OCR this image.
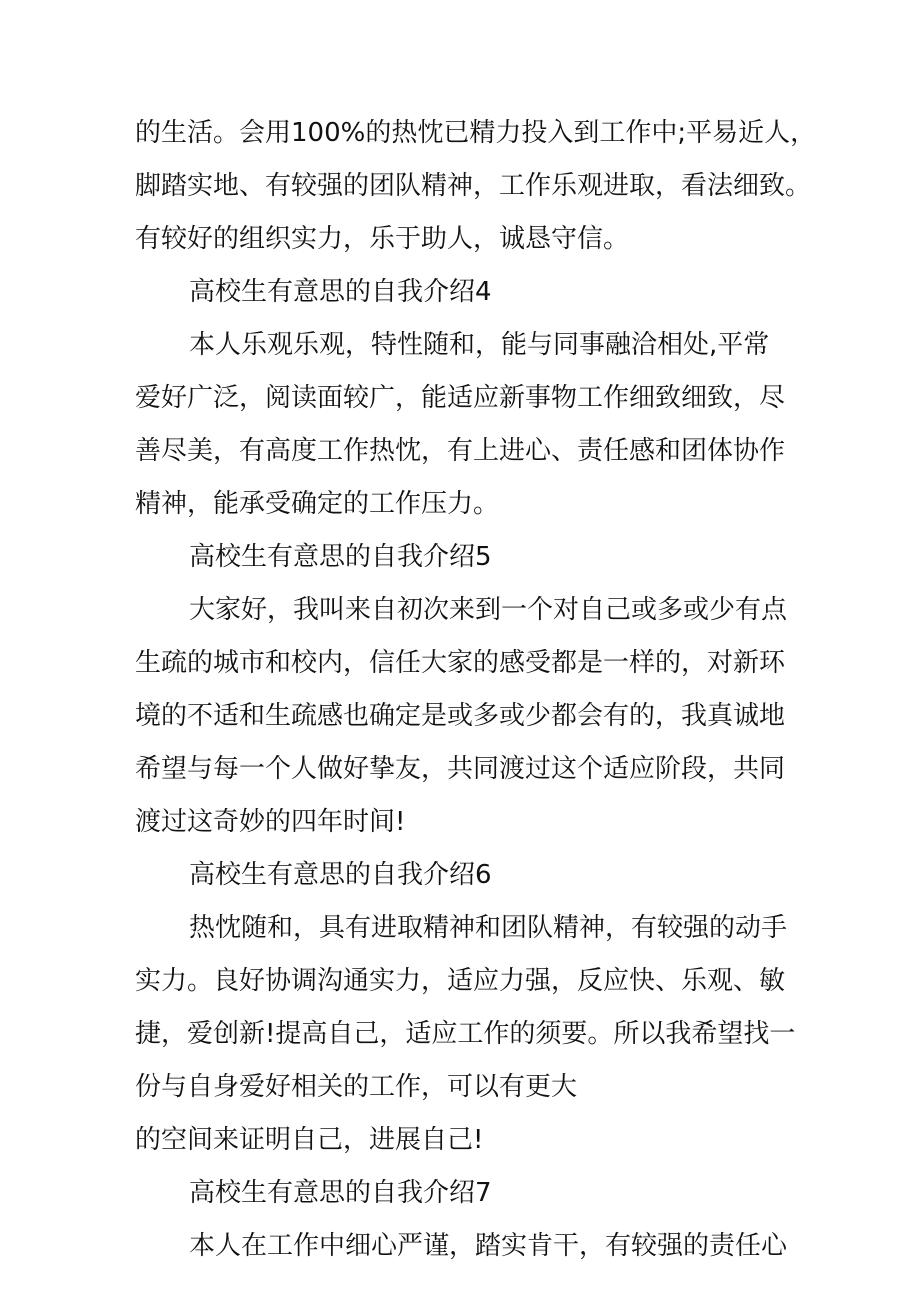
的生活。会用100%的热忱已精力投入到工作中;平易近人，
脚踏实地、有较强的团队精神，工作乐观进取，看法细致。
有较好的组织实力，乐于助人，诚恳守信。
高校生有意思的自我介绍4
本人乐观乐观，特性随和，能与同事融洽相处,平常
爱好广泛，阅读面较广，能适应新事物工作细致细致，尽
善尽美，有高度工作热忱，有上进心、责任感和团体协作
精神，能承受确定的工作压力。
高校生有意思的自我介绍5
大家好，我叫来自初次来到一个对自己或多或少有点
生疏的城市和校内，信任大家的感受都是一样的，对新环
境的不适和生疏感也确定是或多或少都会有的，我真诚地
希望与每一个人做好挚友，共同渡过这个适应阶段，共同
渡过这奇妙的四年时间!
高校生有意思的自我介绍6
热忱随和，具有进取精神和团队精神，有较强的动手
实力。良好协调沟通实力，适应力强，反应快、乐观、敏
捷，爱创新!提高自己，适应工作的须要。所以我希望找一
份与自身爱好相关的工作，可以有更大
的空间来证明自己，进展自己!
高校生有意思的自我介绍7
本人在工作中细心严谨，踏实肯干，有较强的责任心
